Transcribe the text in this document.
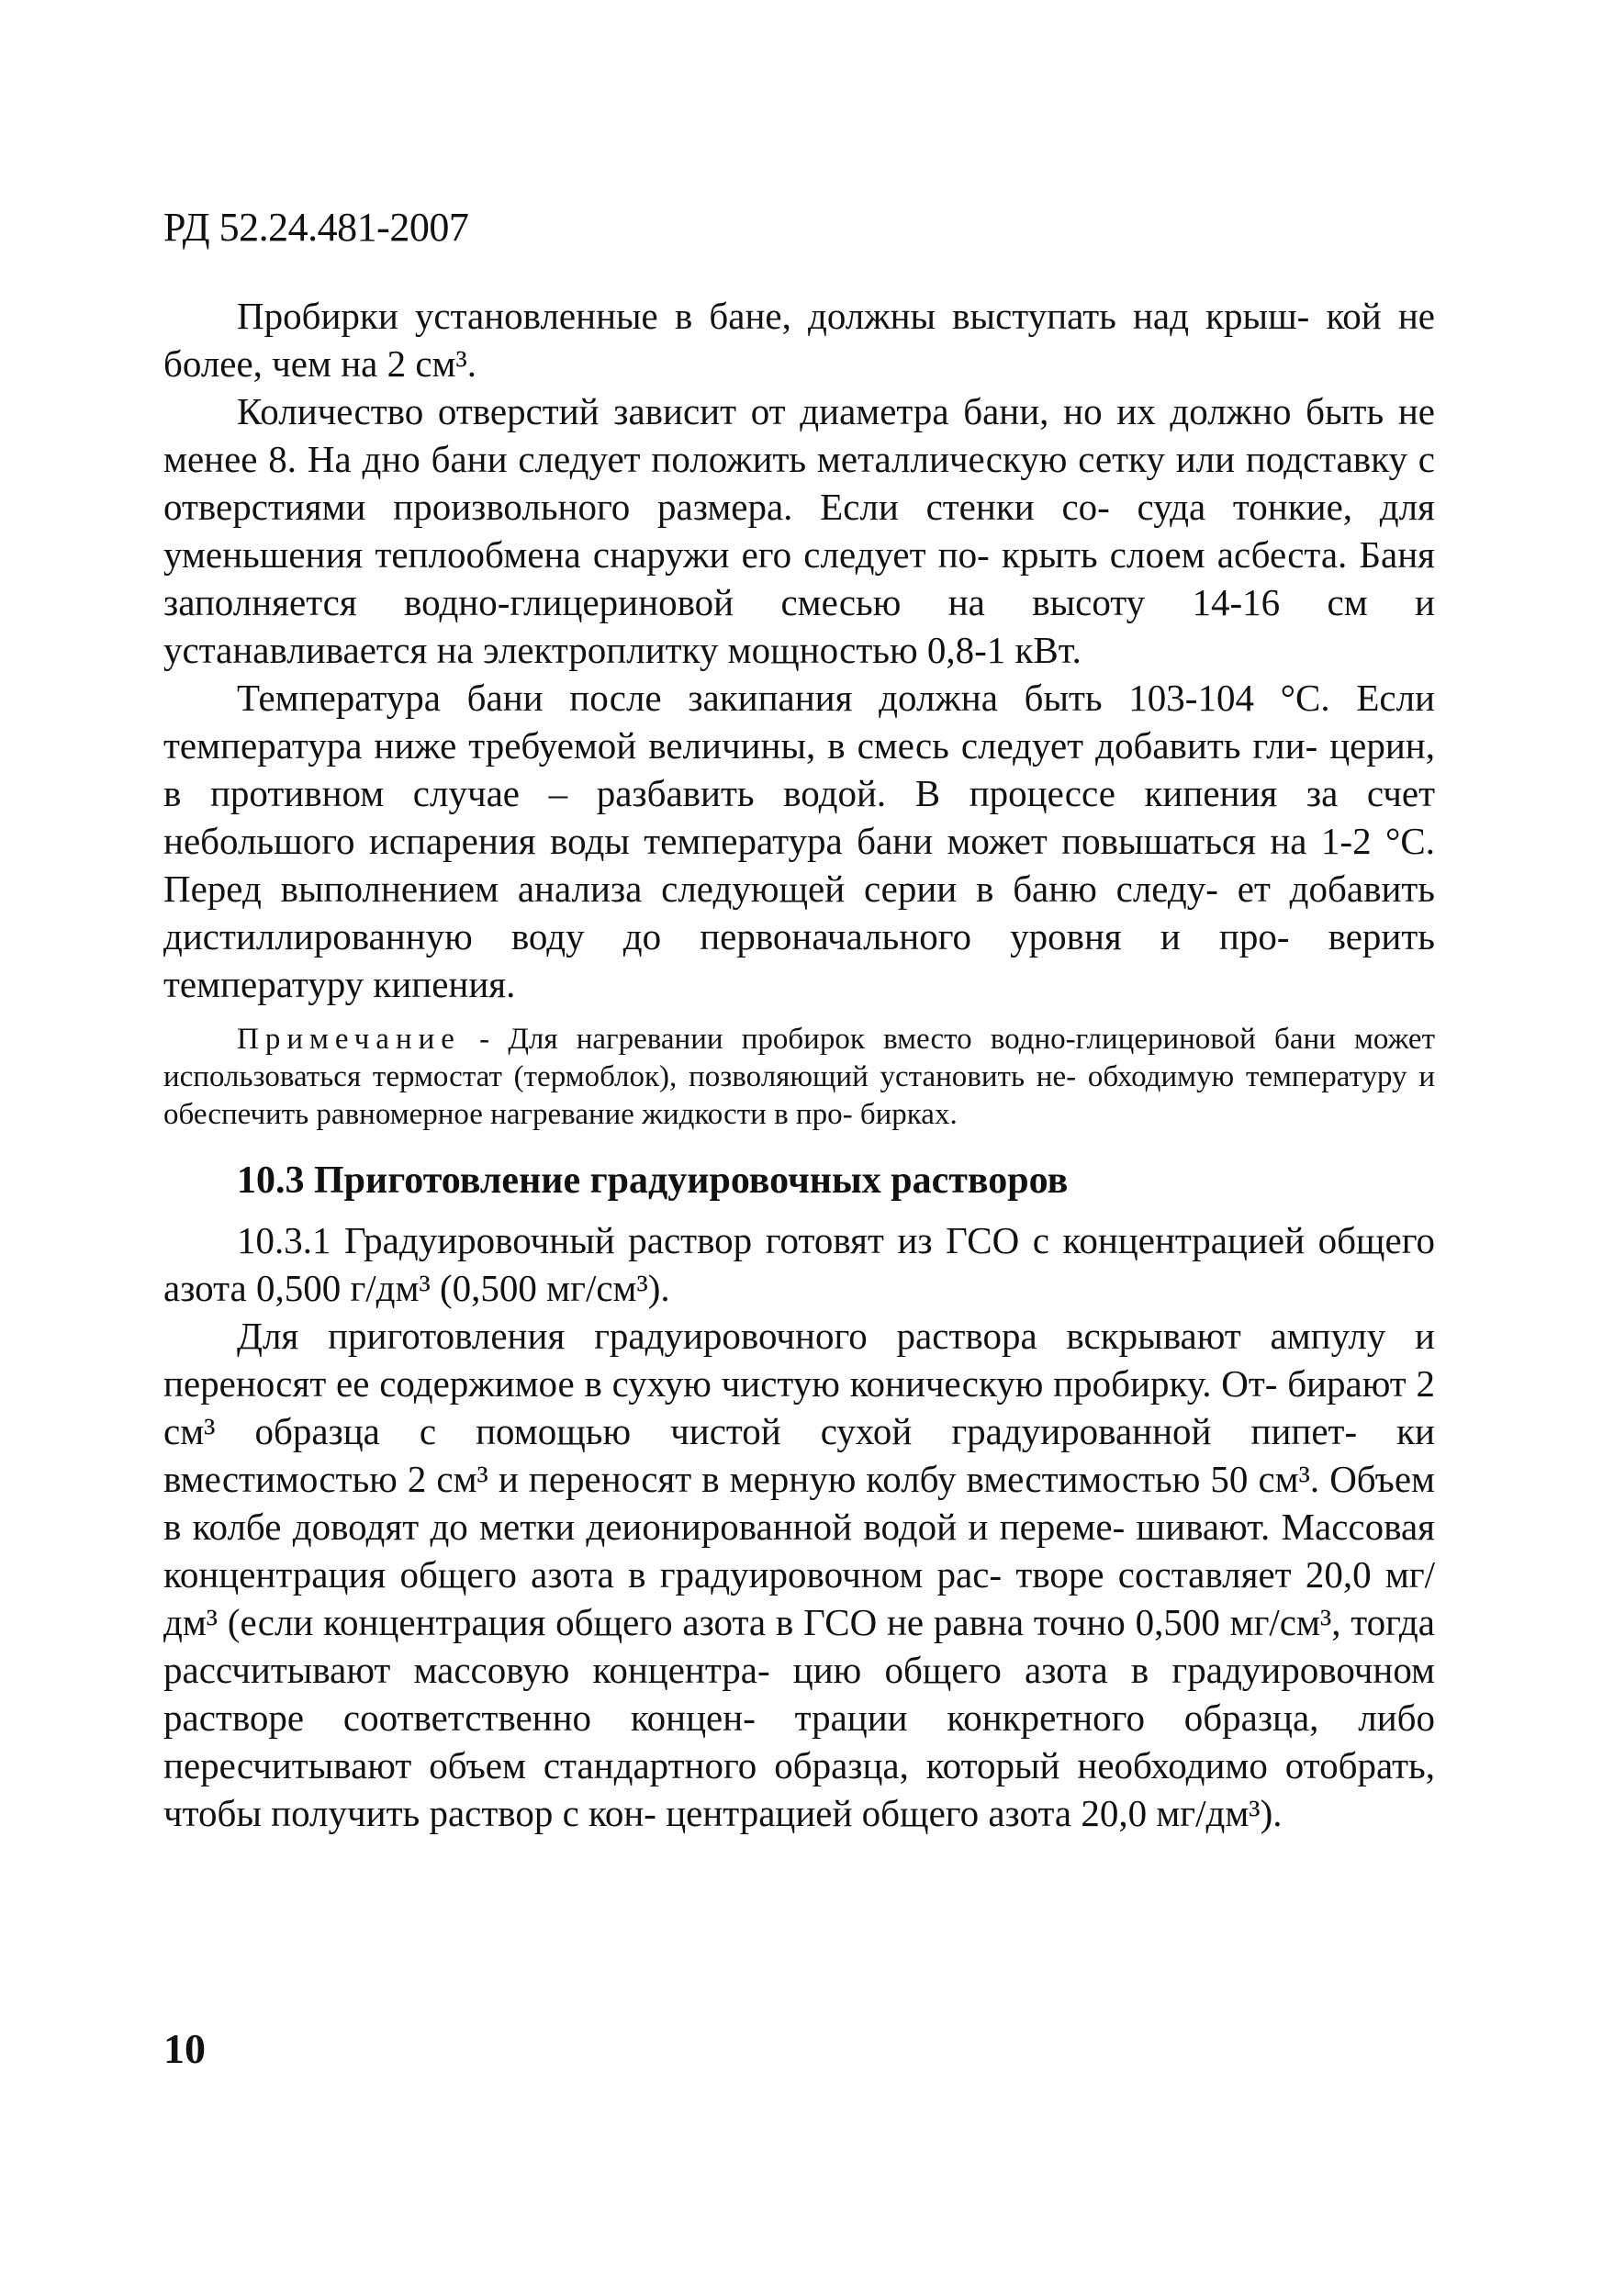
РД 52.24.481-2007

Пробирки установленные в бане, должны выступать над крыш- кой не более, чем на 2 см³.

Количество отверстий зависит от диаметра бани, но их должно быть не менее 8. На дно бани следует положить металлическую сетку или подставку с отверстиями произвольного размера. Если стенки со- суда тонкие, для уменьшения теплообмена снаружи его следует по- крыть слоем асбеста. Баня заполняется водно-глицериновой смесью на высоту 14-16 см и устанавливается на электроплитку мощностью 0,8-1 кВт.

Температура бани после закипания должна быть 103-104 °С. Если температура ниже требуемой величины, в смесь следует добавить гли- церин, в противном случае – разбавить водой. В процессе кипения за счет небольшого испарения воды температура бани может повышаться на 1-2 °С. Перед выполнением анализа следующей серии в баню следу- ет добавить дистиллированную воду до первоначального уровня и про- верить температуру кипения.

Примечание - Для нагревании пробирок вместо водно-глицериновой бани может использоваться термостат (термоблок), позволяющий установить не- обходимую температуру и обеспечить равномерное нагревание жидкости в про- бирках.

10.3 Приготовление градуировочных растворов

10.3.1 Градуировочный раствор готовят из ГСО с концентрацией общего азота 0,500 г/дм³ (0,500 мг/см³).

Для приготовления градуировочного раствора вскрывают ампулу и переносят ее содержимое в сухую чистую коническую пробирку. От- бирают 2 см³ образца с помощью чистой сухой градуированной пипет- ки вместимостью 2 см³ и переносят в мерную колбу вместимостью 50 см³. Объем в колбе доводят до метки деионированной водой и переме- шивают. Массовая концентрация общего азота в градуировочном рас- творе составляет 20,0 мг/дм³ (если концентрация общего азота в ГСО не равна точно 0,500 мг/см³, тогда рассчитывают массовую концентра- цию общего азота в градуировочном растворе соответственно концен- трации конкретного образца, либо пересчитывают объем стандартного образца, который необходимо отобрать, чтобы получить раствор с кон- центрацией общего азота 20,0 мг/дм³).

10
